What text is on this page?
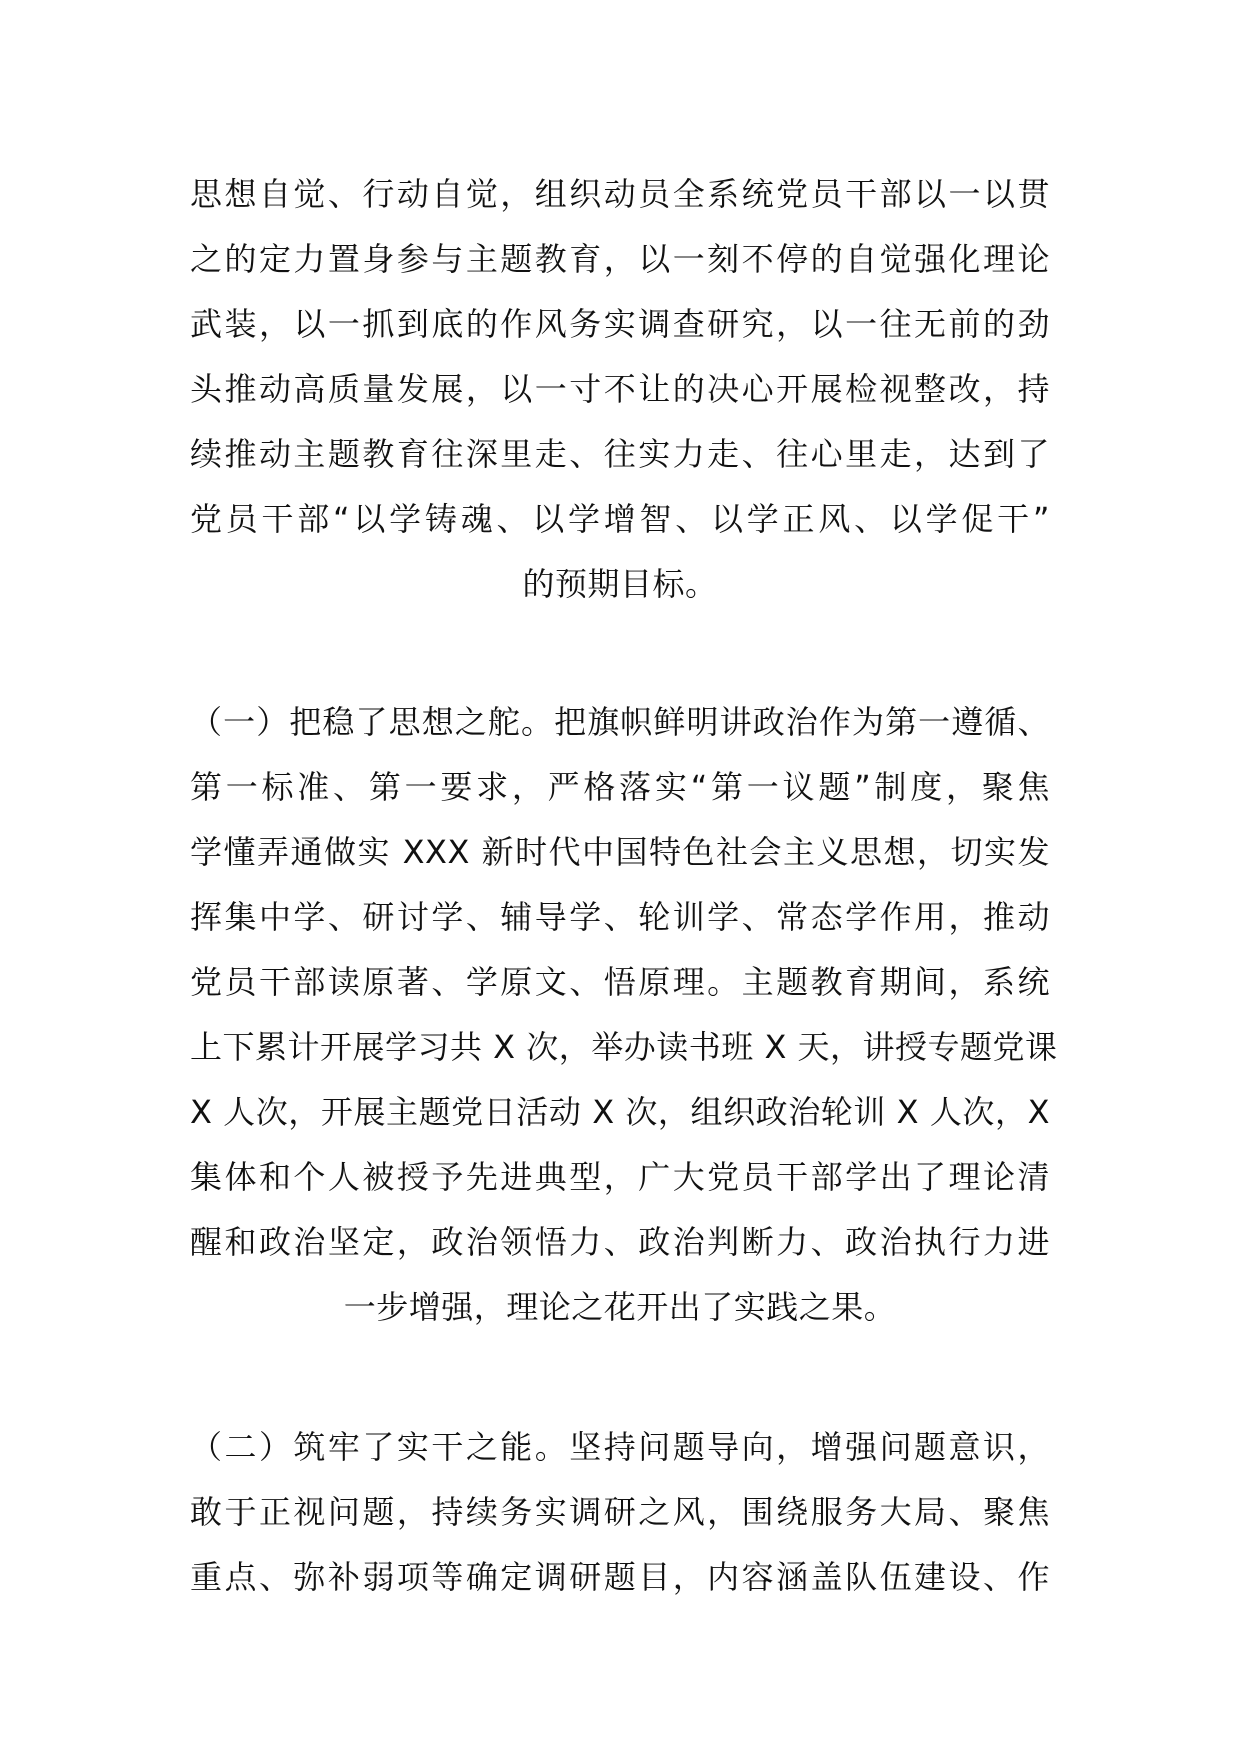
思想自觉、行动自觉，组织动员全系统党员干部以一以贯
之的定力置身参与主题教育，以一刻不停的自觉强化理论
武装，以一抓到底的作风务实调查研究，以一往无前的劲
头推动高质量发展，以一寸不让的决心开展检视整改，持
续推动主题教育往深里走、往实力走、往心里走，达到了
党员干部“以学铸魂、以学增智、以学正风、以学促干”
的预期目标。
（一）把稳了思想之舵。把旗帜鲜明讲政治作为第一遵循、
第一标准、第一要求，严格落实“第一议题”制度，聚焦
学懂弄通做实 XXX 新时代中国特色社会主义思想，切实发
挥集中学、研讨学、辅导学、轮训学、常态学作用，推动
党员干部读原著、学原文、悟原理。主题教育期间，系统
上下累计开展学习共 X 次，举办读书班 X 天，讲授专题党课
X 人次，开展主题党日活动 X 次，组织政治轮训 X 人次，X
集体和个人被授予先进典型，广大党员干部学出了理论清
醒和政治坚定，政治领悟力、政治判断力、政治执行力进
一步增强，理论之花开出了实践之果。
（二）筑牢了实干之能。坚持问题导向，增强问题意识，
敢于正视问题，持续务实调研之风，围绕服务大局、聚焦
重点、弥补弱项等确定调研题目，内容涵盖队伍建设、作
